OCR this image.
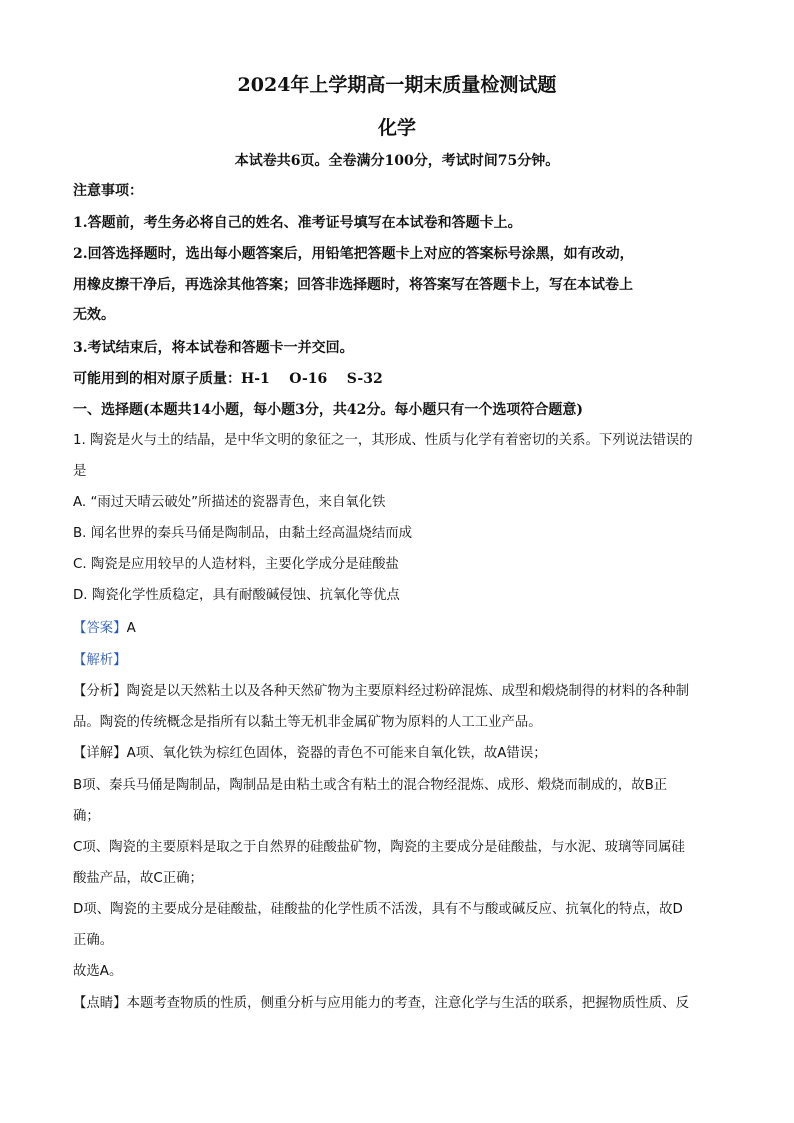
2024年上学期高一期末质量检测试题
化学
本试卷共6页。全卷满分100分，考试时间75分钟。
注意事项：
1.答题前，考生务必将自己的姓名、准考证号填写在本试卷和答题卡上。
2.回答选择题时，选出每小题答案后，用铅笔把答题卡上对应的答案标号涂黑，如有改动，
用橡皮擦干净后，再选涂其他答案；回答非选择题时，将答案写在答题卡上，写在本试卷上
无效。
3.考试结束后，将本试卷和答题卡一并交回。
可能用到的相对原子质量：H-1    O-16    S-32
一、选择题(本题共14小题，每小题3分，共42分。每小题只有一个选项符合题意)
1. 陶瓷是火与土的结晶，是中华文明的象征之一，其形成、性质与化学有着密切的关系。下列说法错误的
是
A. “雨过天晴云破处”所描述的瓷器青色，来自氧化铁
B. 闻名世界的秦兵马俑是陶制品，由黏土经高温烧结而成
C. 陶瓷是应用较早的人造材料，主要化学成分是硅酸盐
D. 陶瓷化学性质稳定，具有耐酸碱侵蚀、抗氧化等优点
【答案】A
【解析】
【分析】陶瓷是以天然粘土以及各种天然矿物为主要原料经过粉碎混炼、成型和煅烧制得的材料的各种制
品。陶瓷的传统概念是指所有以黏土等无机非金属矿物为原料的人工工业产品。
【详解】A项、氧化铁为棕红色固体，瓷器的青色不可能来自氧化铁，故A错误；
B项、秦兵马俑是陶制品，陶制品是由粘土或含有粘土的混合物经混炼、成形、煅烧而制成的，故B正
确；
C项、陶瓷的主要原料是取之于自然界的硅酸盐矿物，陶瓷的主要成分是硅酸盐，与水泥、玻璃等同属硅
酸盐产品，故C正确；
D项、陶瓷的主要成分是硅酸盐，硅酸盐的化学性质不活泼，具有不与酸或碱反应、抗氧化的特点，故D
正确。
故选A。
【点睛】本题考查物质的性质，侧重分析与应用能力的考查，注意化学与生活的联系，把握物质性质、反
